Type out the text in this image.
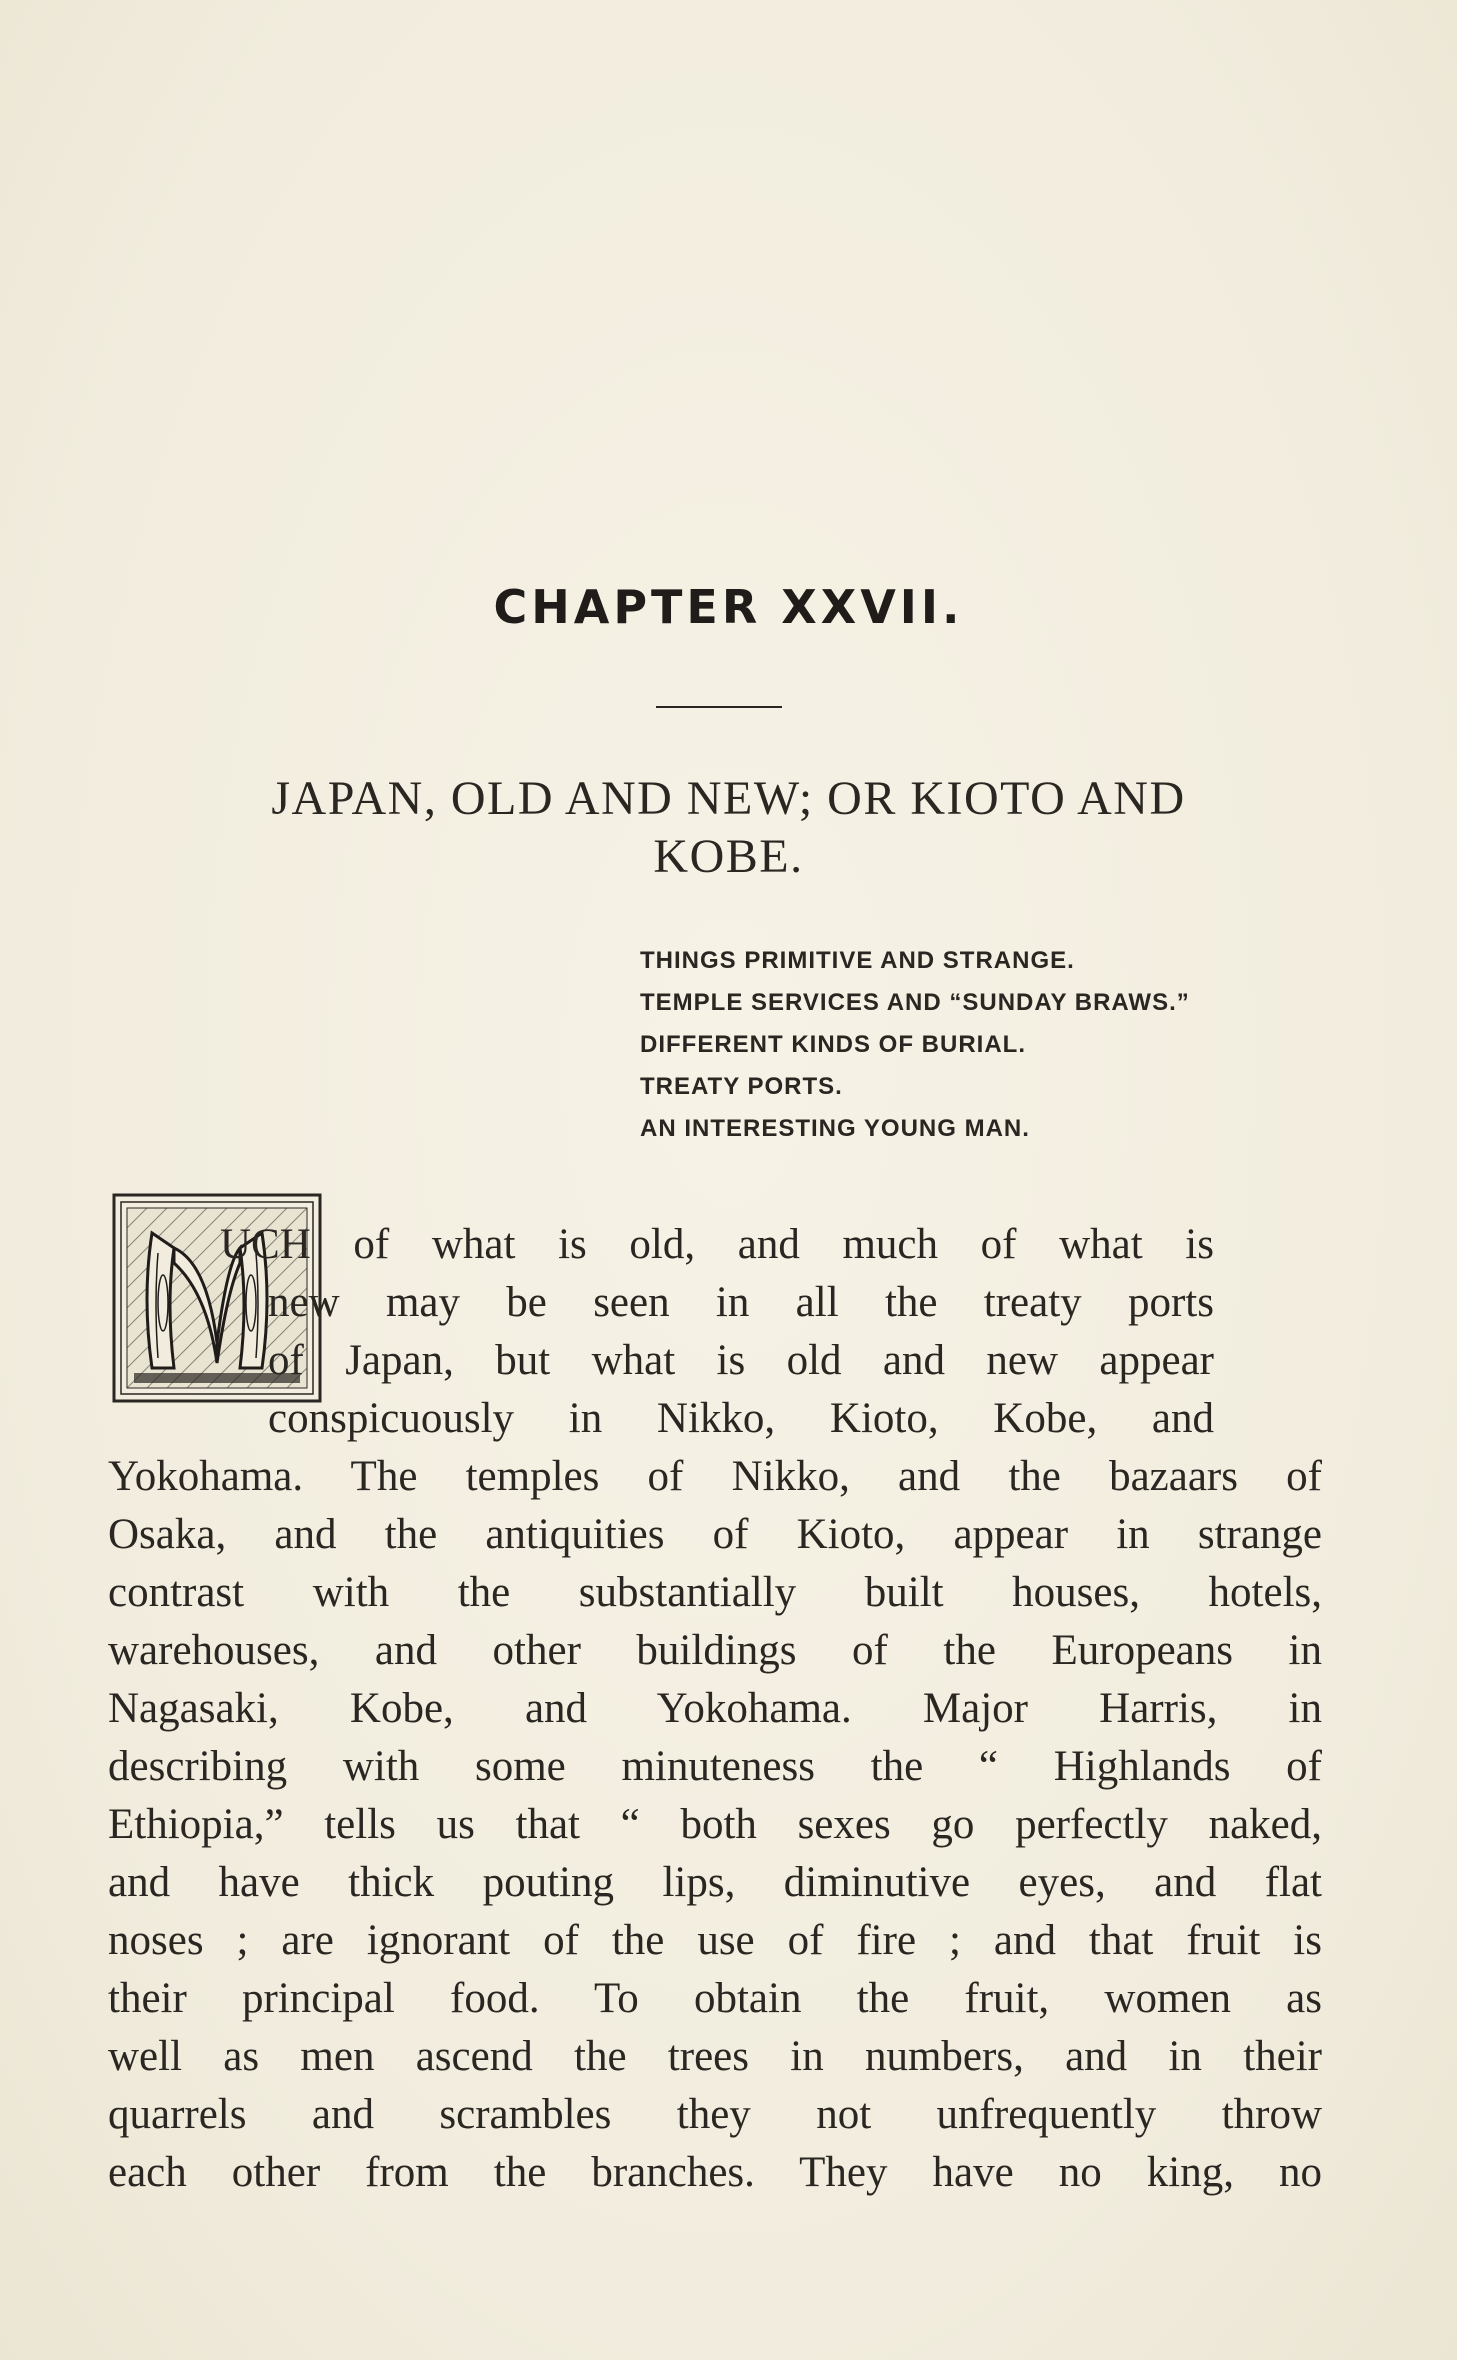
CHAPTER XXVII.
JAPAN, OLD AND NEW; OR KIOTO AND
KOBE.
THINGS PRIMITIVE AND STRANGE.
TEMPLE SERVICES AND “SUNDAY BRAWS.”
DIFFERENT KINDS OF BURIAL.
TREATY PORTS.
AN INTERESTING YOUNG MAN.
UCH of what is old, and much of what is
new may be seen in all the treaty ports
of Japan, but what is old and new appear
conspicuously in Nikko, Kioto, Kobe, and
Yokohama. The temples of Nikko, and the bazaars of
Osaka, and the antiquities of Kioto, appear in strange
contrast with the substantially built houses, hotels,
warehouses, and other buildings of the Europeans in
Nagasaki, Kobe, and Yokohama. Major Harris, in
describing with some minuteness the “ Highlands of
Ethiopia,” tells us that “ both sexes go perfectly naked,
and have thick pouting lips, diminutive eyes, and flat
noses ; are ignorant of the use of fire ; and that fruit is
their principal food. To obtain the fruit, women as
well as men ascend the trees in numbers, and in their
quarrels and scrambles they not unfrequently throw
each other from the branches. They have no king, no
